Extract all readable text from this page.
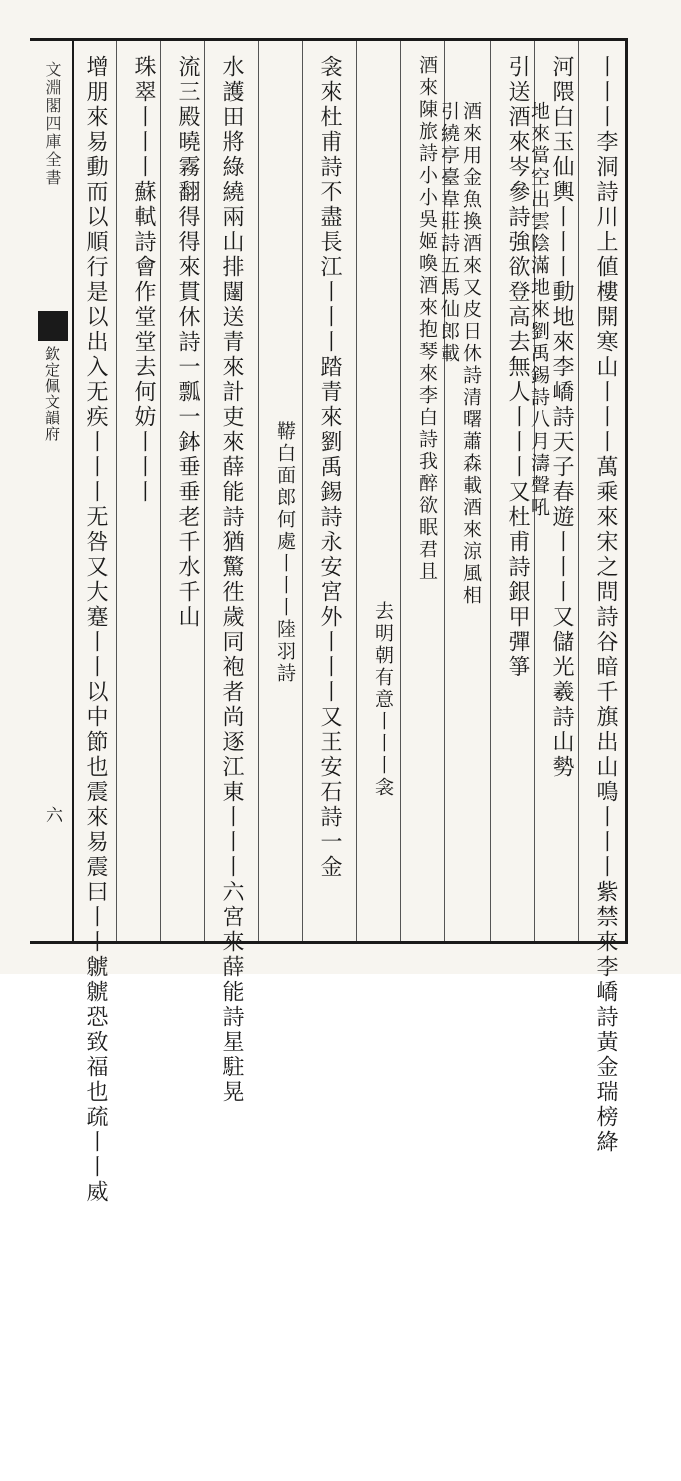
文淵閣四庫全書
欽定佩文韻府
六	丨丨丨李洞詩川上値樓開寒山丨丨丨萬乘來宋之問詩谷暗千旗出山鳴丨丨丨紫禁來李嶠詩黃金瑞榜絳
河隈白玉仙輿丨丨丨動地來李嶠詩天子春遊丨丨丨又儲光羲詩山勢
地來當空出雲陰滿地來劉禹錫詩八月濤聲吼
引送酒來岑參詩強欲登高去無人丨丨丨又杜甫詩銀甲彈箏
酒來用金魚換酒來又皮日休詩清曙蕭森載酒來涼風相
引繞亭臺韋莊詩五馬仙郎載
酒來陳旅詩小小吳姬喚酒來抱琴來李白詩我醉欲眠君且
去明朝有意丨丨丨衾
衾來杜甫詩不盡長江丨丨丨踏青來劉禹錫詩永安宮外丨丨丨又王安石詩一金
鞯白面郎何處丨丨丨陸羽詩
水護田將綠繞兩山排闥送青來計吏來薛能詩猶驚徃歲同袍者尚逐江東丨丨丨六宮來薛能詩星駐晃
流三殿曉霧翻得得來貫休詩一瓢一鉢垂垂老千水千山
珠翠丨丨丨蘇軾詩會作堂堂去何妨丨丨丨
增朋來易動而以順行是以出入无疾丨丨丨无咎又大蹇丨丨以中節也震來易震曰丨丨虩虩恐致福也疏丨丨威
